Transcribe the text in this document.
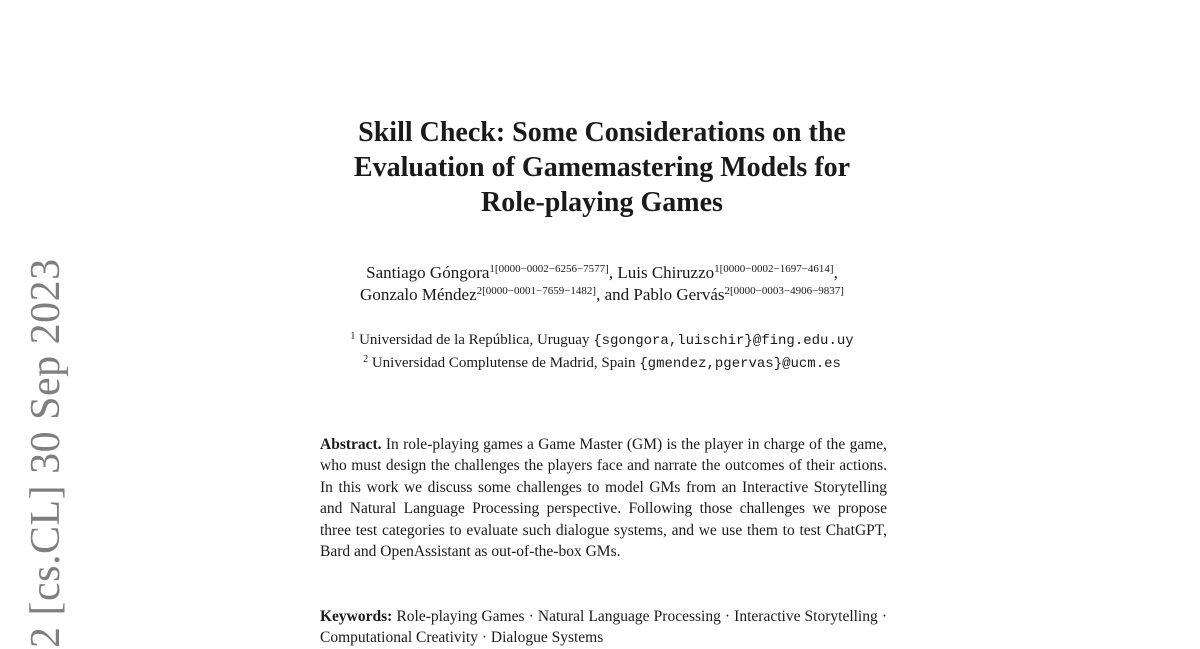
2 [cs.CL] 30 Sep 2023
Skill Check: Some Considerations on the
Evaluation of Gamemastering Models for
Role-playing Games
Santiago Góngora$^{1[0000-0002-6256-7577]}$, Luis Chiruzzo$^{1[0000-0002-1697-4614]}$,
Gonzalo Méndez$^{2[0000-0001-7659-1482]}$, and Pablo Gervás$^{2[0000-0003-4906-9837]}$
$^1$ Universidad de la República, Uruguay {sgongora,luischir}@fing.edu.uy
$^2$ Universidad Complutense de Madrid, Spain {gmendez,pgervas}@ucm.es
Abstract. In role-playing games a Game Master (GM) is the player in charge of the game, who must design the challenges the players face and narrate the outcomes of their actions. In this work we discuss some challenges to model GMs from an Interactive Storytelling and Natural Language Processing perspective. Following those challenges we propose three test categories to evaluate such dialogue systems, and we use them to test ChatGPT, Bard and OpenAssistant as out-of-the-box GMs.
Keywords: Role-playing Games · Natural Language Processing · Interactive Storytelling · Computational Creativity · Dialogue Systems
